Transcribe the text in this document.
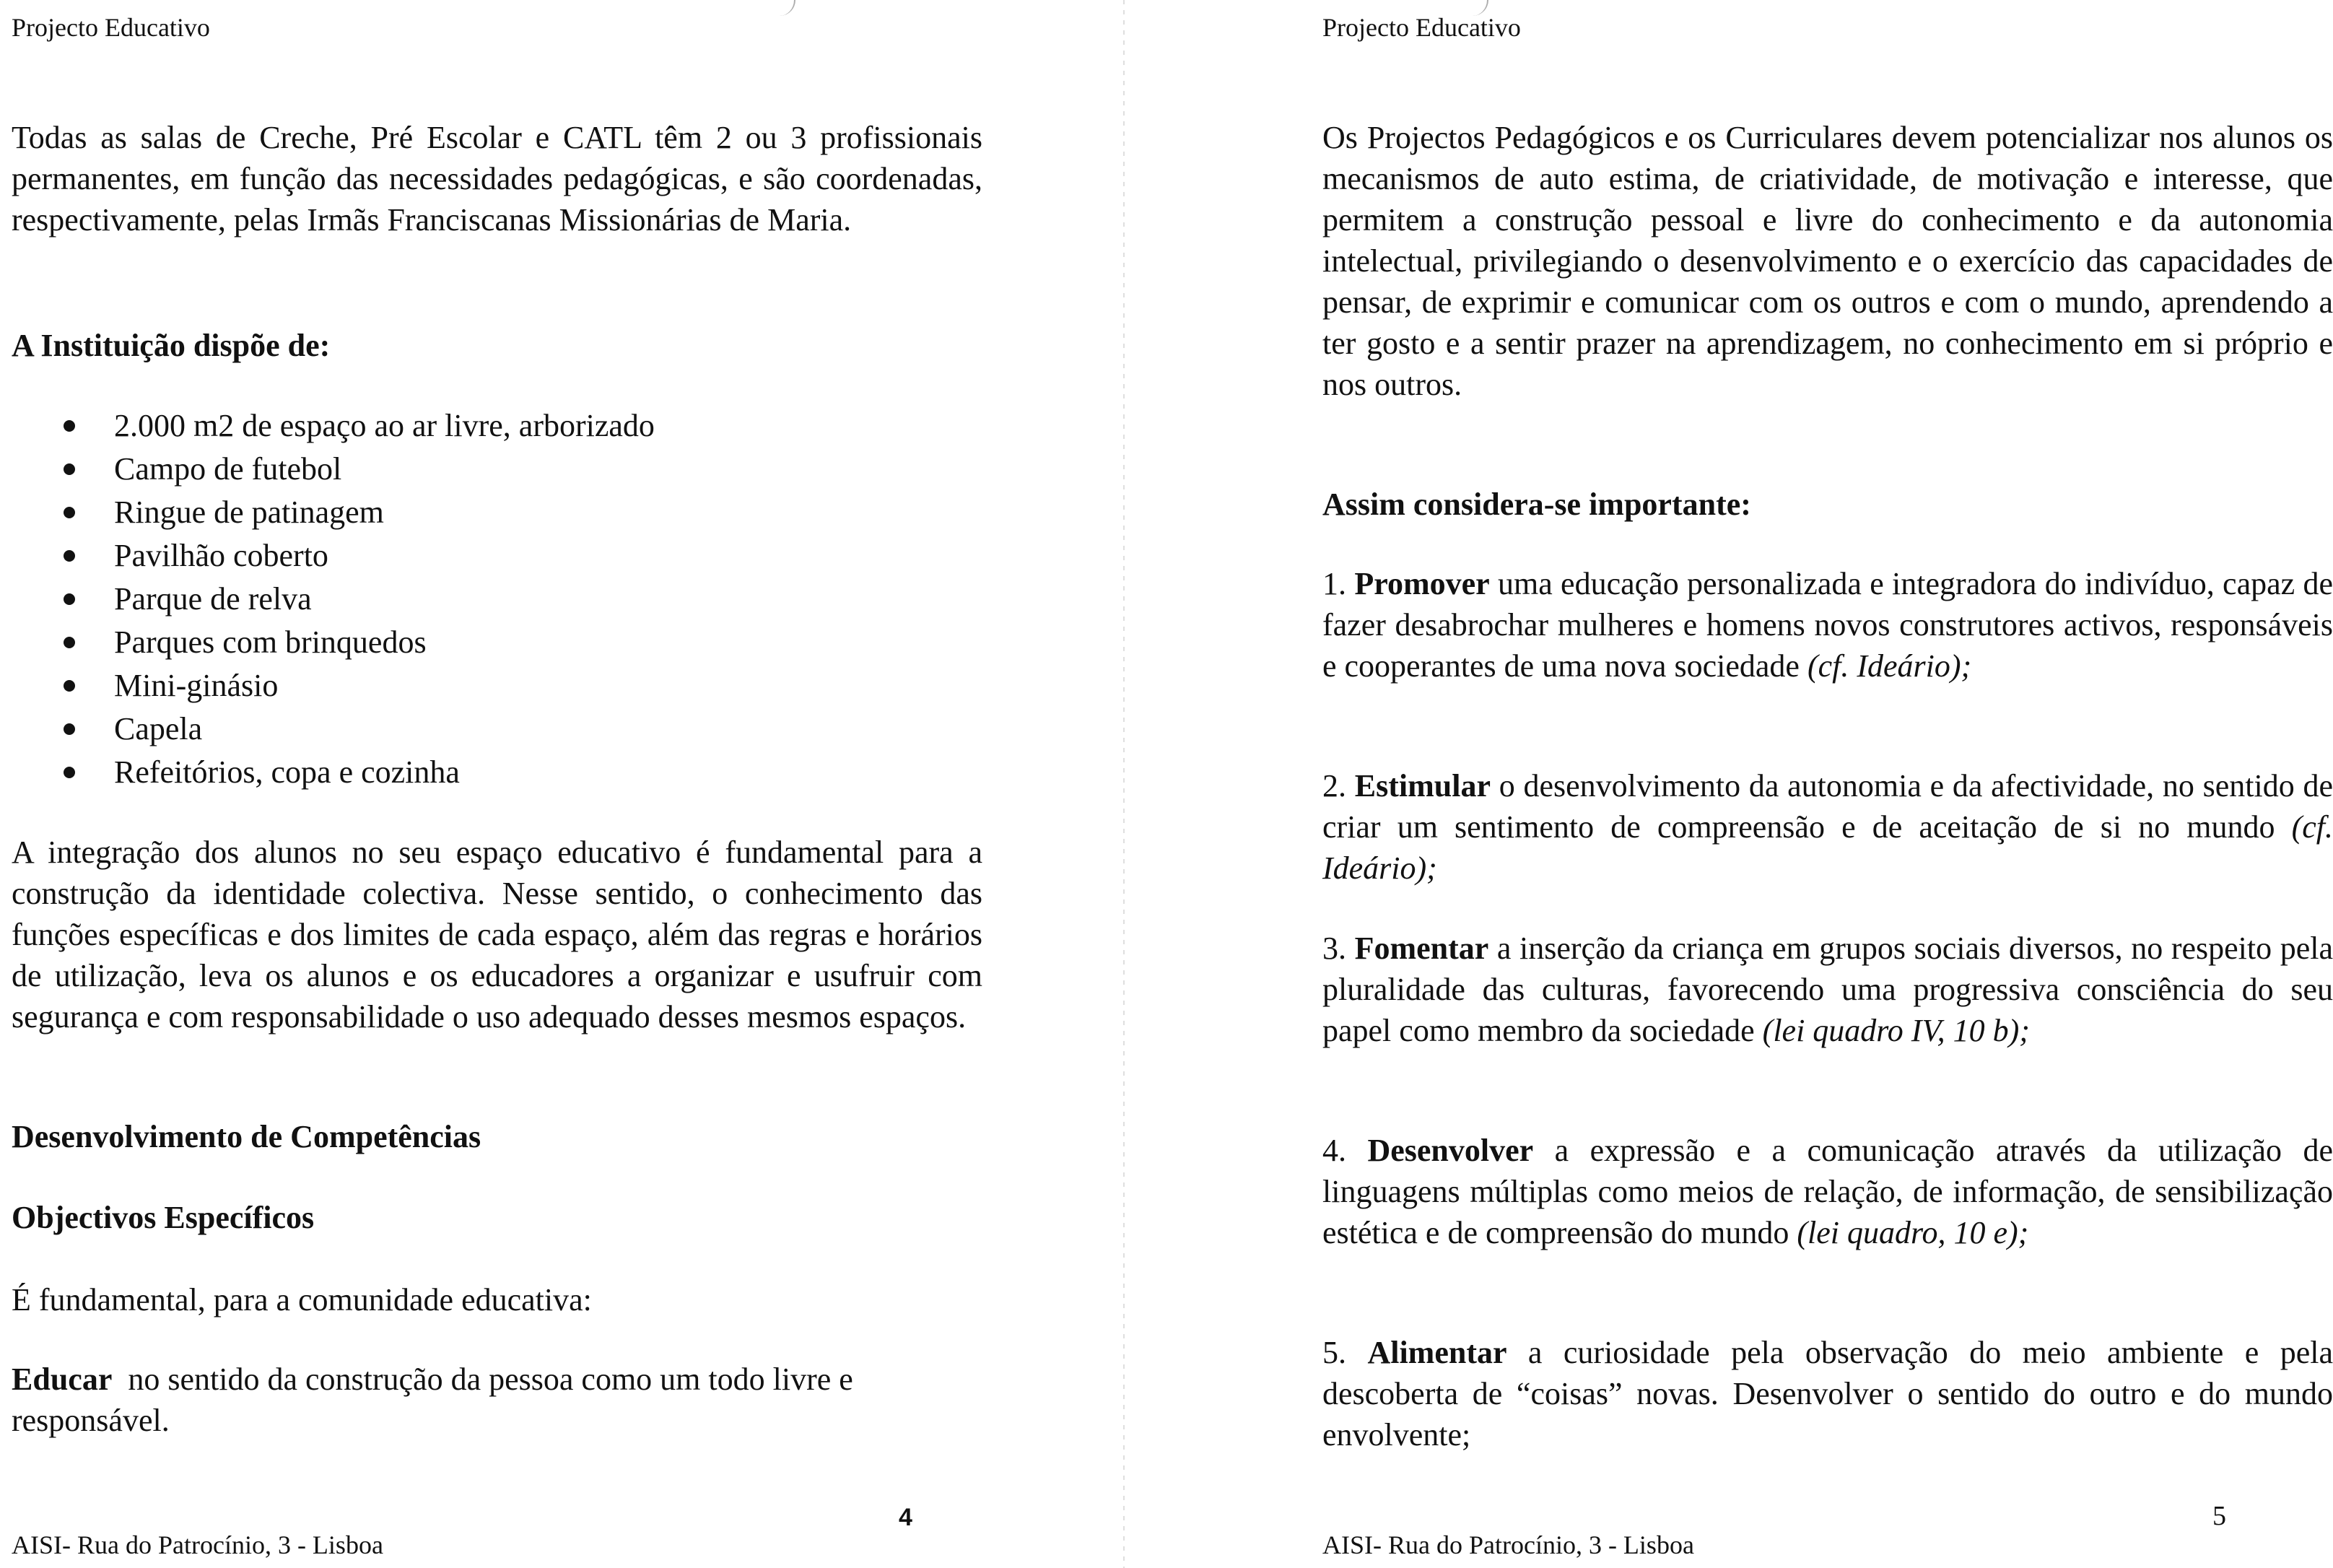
Projecto Educativo

Todas as salas de Creche, Pré Escolar e CATL têm 2 ou 3 profissionais permanentes, em função das necessidades pedagógicas, e são coordenadas, respectivamente, pelas Irmãs Franciscanas Missionárias de Maria.

A Instituição dispõe de:
2.000 m2 de espaço ao ar livre, arborizado
Campo de futebol
Ringue de patinagem
Pavilhão coberto
Parque de relva
Parques com brinquedos
Mini-ginásio
Capela
Refeitórios, copa e cozinha

A integração dos alunos no seu espaço educativo é fundamental para a construção da identidade colectiva. Nesse sentido, o conhecimento das funções específicas e dos limites de cada espaço, além das regras e horários de utilização, leva os alunos e os educadores a organizar e usufruir com segurança e com responsabilidade o uso adequado desses mesmos espaços.

Desenvolvimento de Competências
Objectivos Específicos

É fundamental, para a comunidade educativa:

Educar  no sentido da construção da pessoa como um todo livre e responsável.

4
AISI- Rua do Patrocínio, 3 - Lisboa
Projecto Educativo

Os Projectos Pedagógicos e os Curriculares devem potencializar nos alunos os mecanismos de auto estima, de criatividade, de motivação e interesse, que permitem a construção pessoal e livre do conhecimento e da autonomia intelectual, privilegiando o desenvolvimento e o exercício das capacidades de pensar, de exprimir e comunicar com os outros e com o mundo, aprendendo a ter gosto e a sentir prazer na aprendizagem, no conhecimento em si próprio e nos outros.

Assim considera-se importante:

1. Promover uma educação personalizada e integradora do indivíduo, capaz de fazer desabrochar mulheres e homens novos construtores activos, responsáveis e cooperantes de uma nova sociedade (cf. Ideário);

2. Estimular o desenvolvimento da autonomia e da afectividade, no sentido de criar um sentimento de compreensão e de aceitação de si no mundo (cf. Ideário);

3. Fomentar a inserção da criança em grupos sociais diversos, no respeito pela pluralidade das culturas, favorecendo uma progressiva consciência do seu papel como membro da sociedade (lei quadro IV, 10 b);

4. Desenvolver a expressão e a comunicação através da utilização de linguagens múltiplas como meios de relação, de informação, de sensibilização estética e de compreensão do mundo (lei quadro, 10 e);

5. Alimentar a curiosidade pela observação do meio ambiente e pela descoberta de “coisas” novas. Desenvolver o sentido do outro e do mundo envolvente;

5
AISI- Rua do Patrocínio, 3 - Lisboa
